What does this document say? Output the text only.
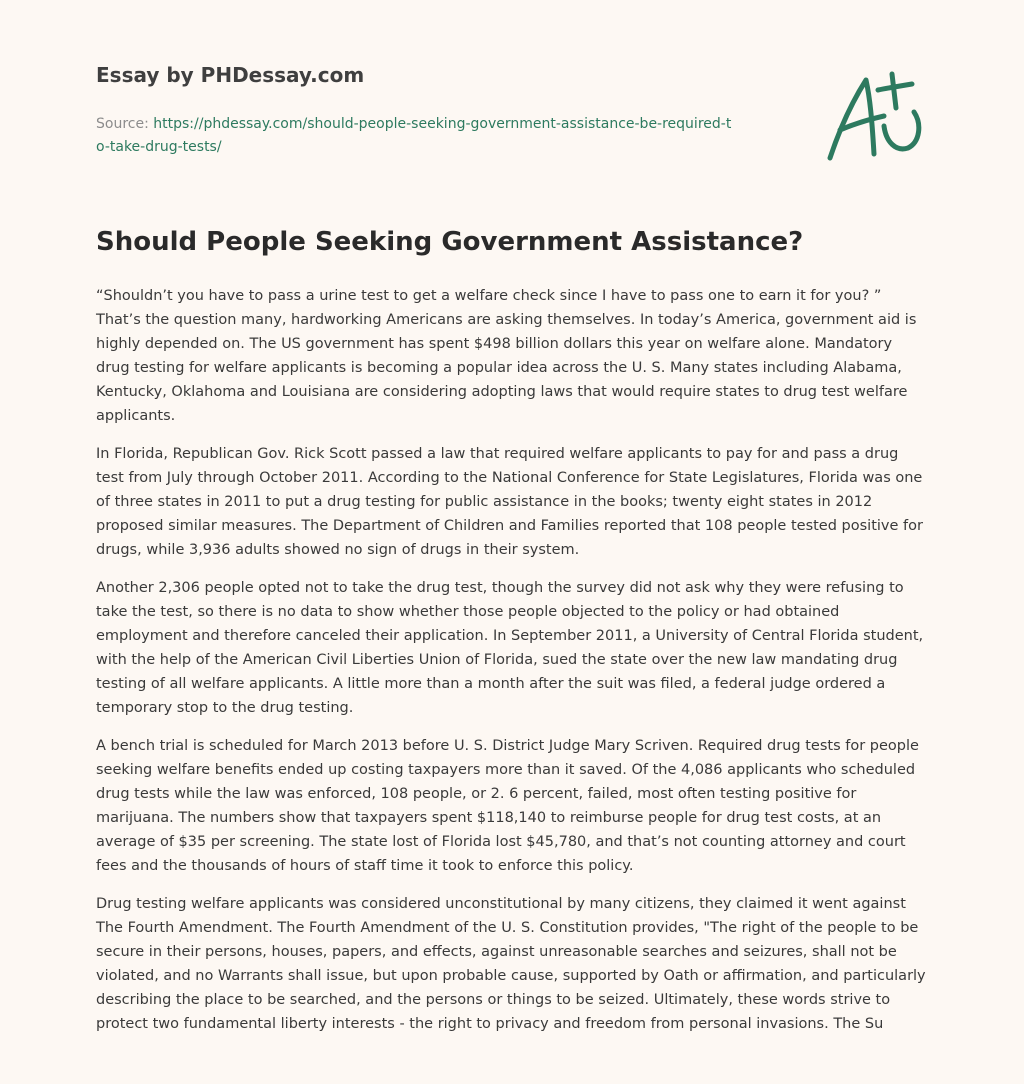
Essay by PHDessay.com
Source: https://phdessay.com/should-people-seeking-government-assistance-be-required-to-take-drug-tests/
Should People Seeking Government Assistance?

“Shouldn’t you have to pass a urine test to get a welfare check since I have to pass one to earn it for you? ” That’s the question many, hardworking Americans are asking themselves. In today’s America, government aid is highly depended on. The US government has spent $498 billion dollars this year on welfare alone. Mandatory drug testing for welfare applicants is becoming a popular idea across the U. S. Many states including Alabama, Kentucky, Oklahoma and Louisiana are considering adopting laws that would require states to drug test welfare applicants.

In Florida, Republican Gov. Rick Scott passed a law that required welfare applicants to pay for and pass a drug test from July through October 2011. According to the National Conference for State Legislatures, Florida was one of three states in 2011 to put a drug testing for public assistance in the books; twenty eight states in 2012 proposed similar measures. The Department of Children and Families reported that 108 people tested positive for drugs, while 3,936 adults showed no sign of drugs in their system.

Another 2,306 people opted not to take the drug test, though the survey did not ask why they were refusing to take the test, so there is no data to show whether those people objected to the policy or had obtained employment and therefore canceled their application. In September 2011, a University of Central Florida student, with the help of the American Civil Liberties Union of Florida, sued the state over the new law mandating drug testing of all welfare applicants. A little more than a month after the suit was filed, a federal judge ordered a temporary stop to the drug testing.

A bench trial is scheduled for March 2013 before U. S. District Judge Mary Scriven. Required drug tests for people seeking welfare benefits ended up costing taxpayers more than it saved. Of the 4,086 applicants who scheduled drug tests while the law was enforced, 108 people, or 2. 6 percent, failed, most often testing positive for marijuana. The numbers show that taxpayers spent $118,140 to reimburse people for drug test costs, at an average of $35 per screening. The state lost of Florida lost $45,780, and that’s not counting attorney and court fees and the thousands of hours of staff time it took to enforce this policy.

Drug testing welfare applicants was considered unconstitutional by many citizens, they claimed it went against The Fourth Amendment. The Fourth Amendment of the U. S. Constitution provides, "The right of the people to be secure in their persons, houses, papers, and effects, against unreasonable searches and seizures, shall not be violated, and no Warrants shall issue, but upon probable cause, supported by Oath or affirmation, and particularly describing the place to be searched, and the persons or things to be seized. Ultimately, these words strive to protect two fundamental liberty interests - the right to privacy and freedom from personal invasions. The Su
